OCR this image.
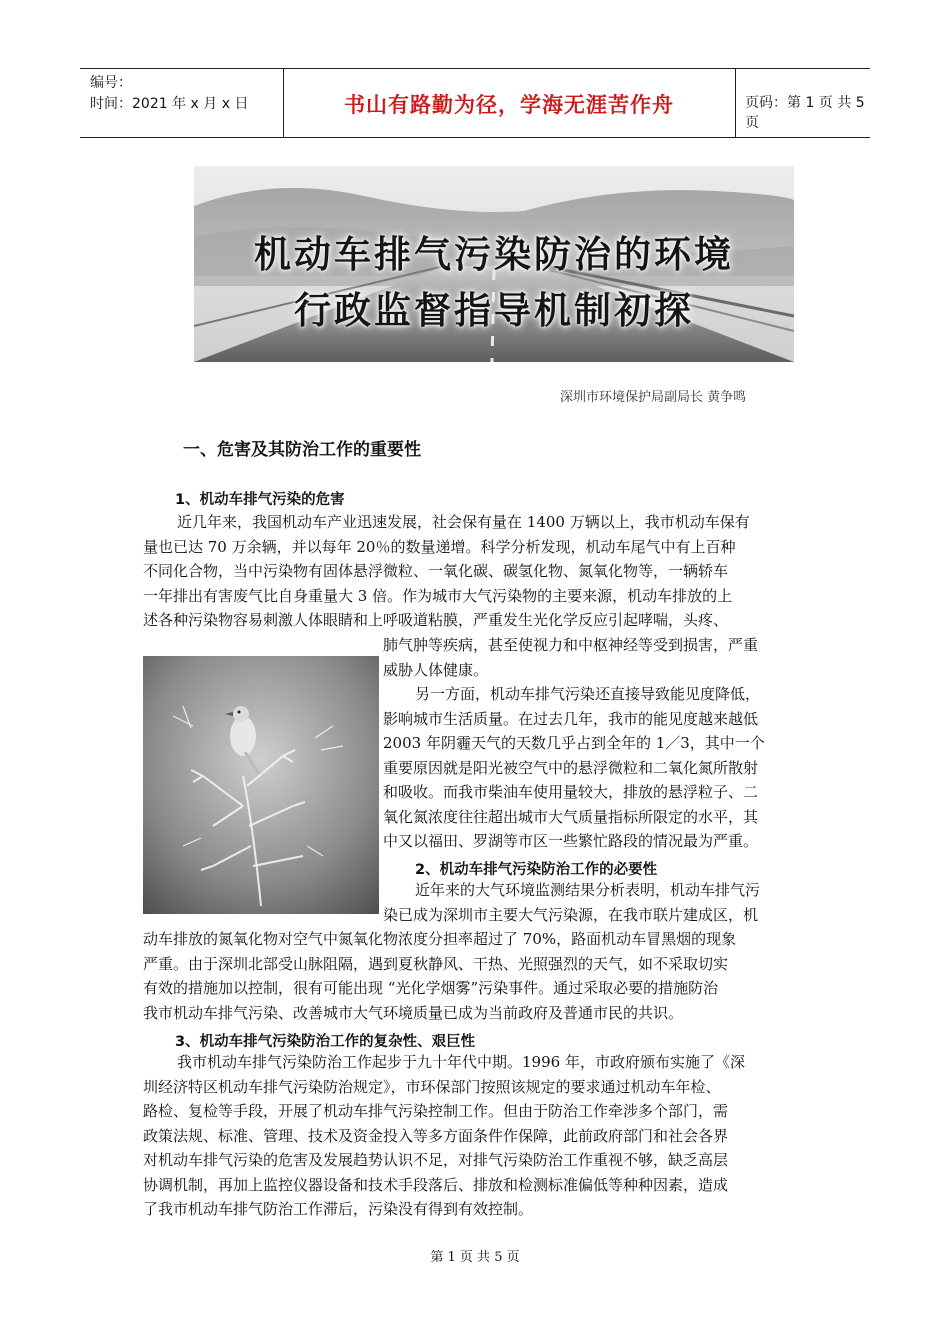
编号：
时间：2021 年 x 月 x 日	书山有路勤为径，学海无涯苦作舟	页码：第 1 页 共 5 页
机动车排气污染防治的环境
行政监督指导机制初探
深圳市环境保护局副局长 黄争鸣
一、危害及其防治工作的重要性
1、机动车排气污染的危害
近几年来，我国机动车产业迅速发展，社会保有量在 1400 万辆以上，我市机动车保有
量也已达 70 万余辆，并以每年 20％的数量递增。科学分析发现，机动车尾气中有上百种
不同化合物，当中污染物有固体悬浮微粒、一氧化碳、碳氢化物、氮氧化物等，一辆轿车
一年排出有害废气比自身重量大 3 倍。作为城市大气污染物的主要来源，机动车排放的上
述各种污染物容易刺激人体眼睛和上呼吸道粘膜，严重发生光化学反应引起哮喘，头疼、
肺气肿等疾病，甚至使视力和中枢神经等受到损害，严重
威胁人体健康。
另一方面，机动车排气污染还直接导致能见度降低，
影响城市生活质量。在过去几年，我市的能见度越来越低
2003 年阴霾天气的天数几乎占到全年的 1／3，其中一个
重要原因就是阳光被空气中的悬浮微粒和二氧化氮所散射
和吸收。而我市柴油车使用量较大，排放的悬浮粒子、二
氧化氮浓度往往超出城市大气质量指标所限定的水平，其
中又以福田、罗湖等市区一些繁忙路段的情况最为严重。
2、机动车排气污染防治工作的必要性
近年来的大气环境监测结果分析表明，机动车排气污
染已成为深圳市主要大气污染源，在我市联片建成区，机
动车排放的氮氧化物对空气中氮氧化物浓度分担率超过了 70%，路面机动车冒黑烟的现象
严重。由于深圳北部受山脉阻隔，遇到夏秋静风、干热、光照强烈的天气，如不采取切实
有效的措施加以控制，很有可能出现 “光化学烟雾”污染事件。通过采取必要的措施防治
我市机动车排气污染、改善城市大气环境质量已成为当前政府及普通市民的共识。
3、机动车排气污染防治工作的复杂性、艰巨性
我市机动车排气污染防治工作起步于九十年代中期。1996 年，市政府颁布实施了《深
圳经济特区机动车排气污染防治规定》，市环保部门按照该规定的要求通过机动车年检、
路检、复检等手段，开展了机动车排气污染控制工作。但由于防治工作牵涉多个部门，需
政策法规、标准、管理、技术及资金投入等多方面条件作保障，此前政府部门和社会各界
对机动车排气污染的危害及发展趋势认识不足，对排气污染防治工作重视不够，缺乏高层
协调机制，再加上监控仪器设备和技术手段落后、排放和检测标准偏低等种种因素，造成
了我市机动车排气防治工作滞后，污染没有得到有效控制。
第 1 页 共 5 页
